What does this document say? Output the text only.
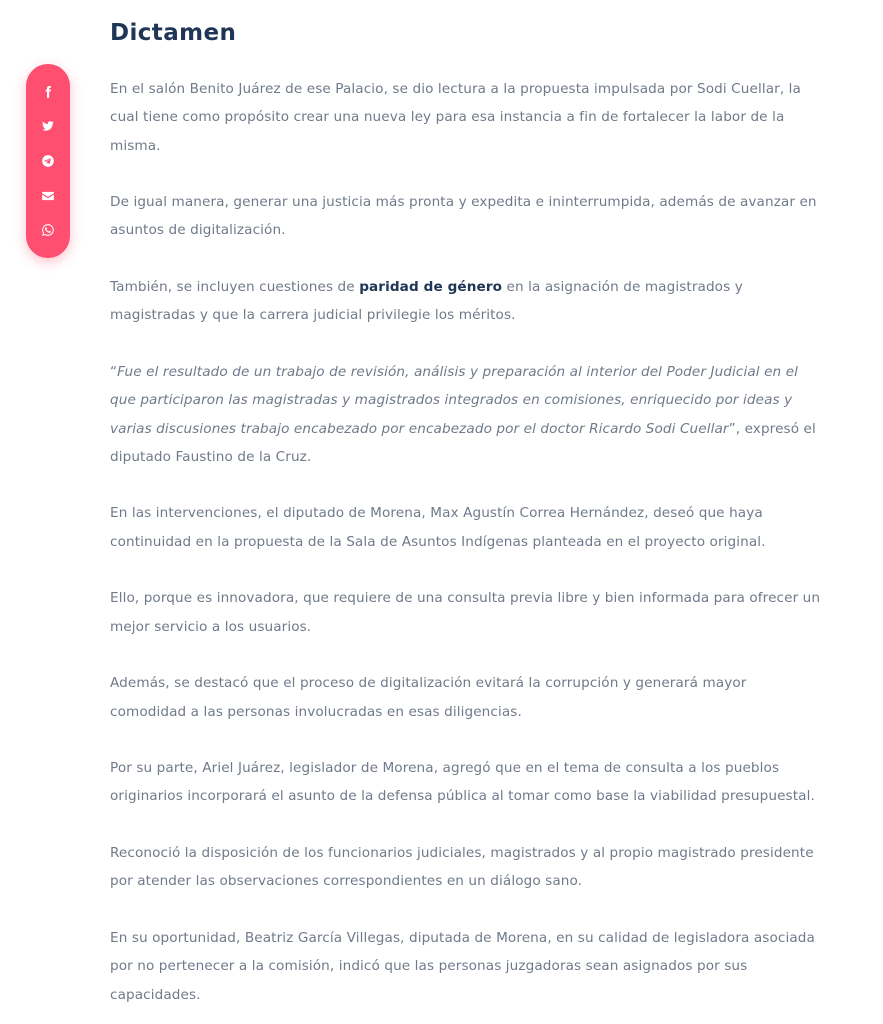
Dictamen

En el salón Benito Juárez de ese Palacio, se dio lectura a la propuesta impulsada por Sodi Cuellar, la cual tiene como propósito crear una nueva ley para esa instancia a fin de fortalecer la labor de la misma.

De igual manera, generar una justicia más pronta y expedita e ininterrumpida, además de avanzar en asuntos de digitalización.

También, se incluyen cuestiones de paridad de género en la asignación de magistrados y magistradas y que la carrera judicial privilegie los méritos.

“Fue el resultado de un trabajo de revisión, análisis y preparación al interior del Poder Judicial en el que participaron las magistradas y magistrados integrados en comisiones, enriquecido por ideas y varias discusiones trabajo encabezado por encabezado por el doctor Ricardo Sodi Cuellar”, expresó el diputado Faustino de la Cruz.

En las intervenciones, el diputado de Morena, Max Agustín Correa Hernández, deseó que haya continuidad en la propuesta de la Sala de Asuntos Indígenas planteada en el proyecto original.

Ello, porque es innovadora, que requiere de una consulta previa libre y bien informada para ofrecer un mejor servicio a los usuarios.

Además, se destacó que el proceso de digitalización evitará la corrupción y generará mayor comodidad a las personas involucradas en esas diligencias.

Por su parte, Ariel Juárez, legislador de Morena, agregó que en el tema de consulta a los pueblos originarios incorporará el asunto de la defensa pública al tomar como base la viabilidad presupuestal.

Reconoció la disposición de los funcionarios judiciales, magistrados y al propio magistrado presidente por atender las observaciones correspondientes en un diálogo sano.

En su oportunidad, Beatriz García Villegas, diputada de Morena, en su calidad de legisladora asociada por no pertenecer a la comisión, indicó que las personas juzgadoras sean asignados por sus capacidades.
